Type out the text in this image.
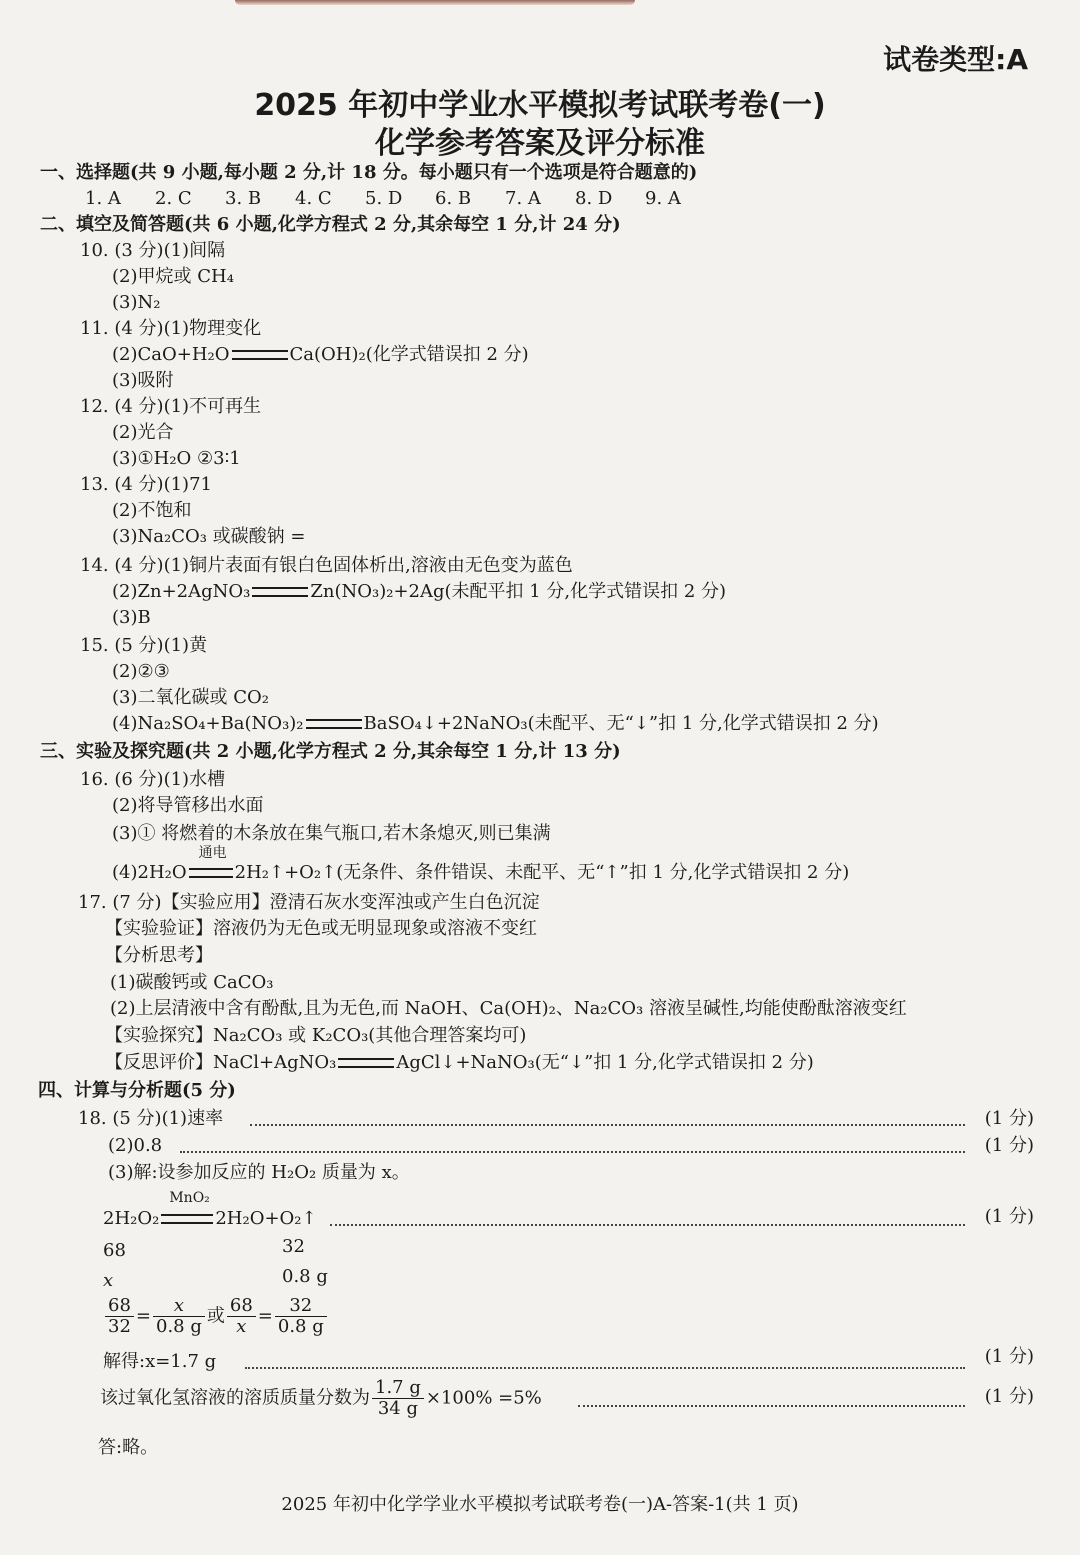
试卷类型:A
2025 年初中学业水平模拟考试联考卷(一)
化学参考答案及评分标准
一、选择题(共 9 小题,每小题 2 分,计 18 分。每小题只有一个选项是符合题意的)
1. A 2. C 3. B 4. C 5. D 6. B 7. A 8. D 9. A
二、填空及简答题(共 6 小题,化学方程式 2 分,其余每空 1 分,计 24 分)
10. (3 分)(1)间隔
(2)甲烷或 CH₄
(3)N₂
11. (4 分)(1)物理变化
(2)CaO+H₂O	Ca(OH)₂(化学式错误扣 2 分)
(3)吸附
12. (4 分)(1)不可再生
(2)光合
(3)①H₂O ②3∶1
13. (4 分)(1)71
(2)不饱和
(3)Na₂CO₃ 或碳酸钠 =
14. (4 分)(1)铜片表面有银白色固体析出,溶液由无色变为蓝色
(2)Zn+2AgNO₃	Zn(NO₃)₂+2Ag(未配平扣 1 分,化学式错误扣 2 分)
(3)B
15. (5 分)(1)黄
(2)②③
(3)二氧化碳或 CO₂
(4)Na₂SO₄+Ba(NO₃)₂	BaSO₄↓+2NaNO₃(未配平、无“↓”扣 1 分,化学式错误扣 2 分)
三、实验及探究题(共 2 小题,化学方程式 2 分,其余每空 1 分,计 13 分)
16. (6 分)(1)水槽
(2)将导管移出水面
(3)① 将燃着的木条放在集气瓶口,若木条熄灭,则已集满
(4)2H₂O
通电
2H₂↑+O₂↑(无条件、条件错误、未配平、无“↑”扣 1 分,化学式错误扣 2 分)
17. (7 分)【实验应用】澄清石灰水变浑浊或产生白色沉淀
【实验验证】溶液仍为无色或无明显现象或溶液不变红
【分析思考】
(1)碳酸钙或 CaCO₃
(2)上层清液中含有酚酞,且为无色,而 NaOH、Ca(OH)₂、Na₂CO₃ 溶液呈碱性,均能使酚酞溶液变红
【实验探究】Na₂CO₃ 或 K₂CO₃(其他合理答案均可)
【反思评价】NaCl+AgNO₃	AgCl↓+NaNO₃(无“↓”扣 1 分,化学式错误扣 2 分)
四、计算与分析题(5 分)
18. (5 分)(1)速率	(1 分)
(2)0.8	(1 分)
(3)解:设参加反应的 H₂O₂ 质量为 x。
2H₂O₂
MnO₂
2H₂O+O₂↑	(1 分)
68	32
x	0.8 g
$\frac{68}{32} = \frac{x}{0.8 g}$ 或 $\frac{68}{x} = \frac{32}{0.8 g}$
解得:x=1.7 g	(1 分)
该过氧化氢溶液的溶质质量分数为 $\frac{1.7 g}{34 g} \times 100\% =5\%$	(1 分)
答:略。
2025 年初中化学学业水平模拟考试联考卷(一)A-答案-1(共 1 页)
